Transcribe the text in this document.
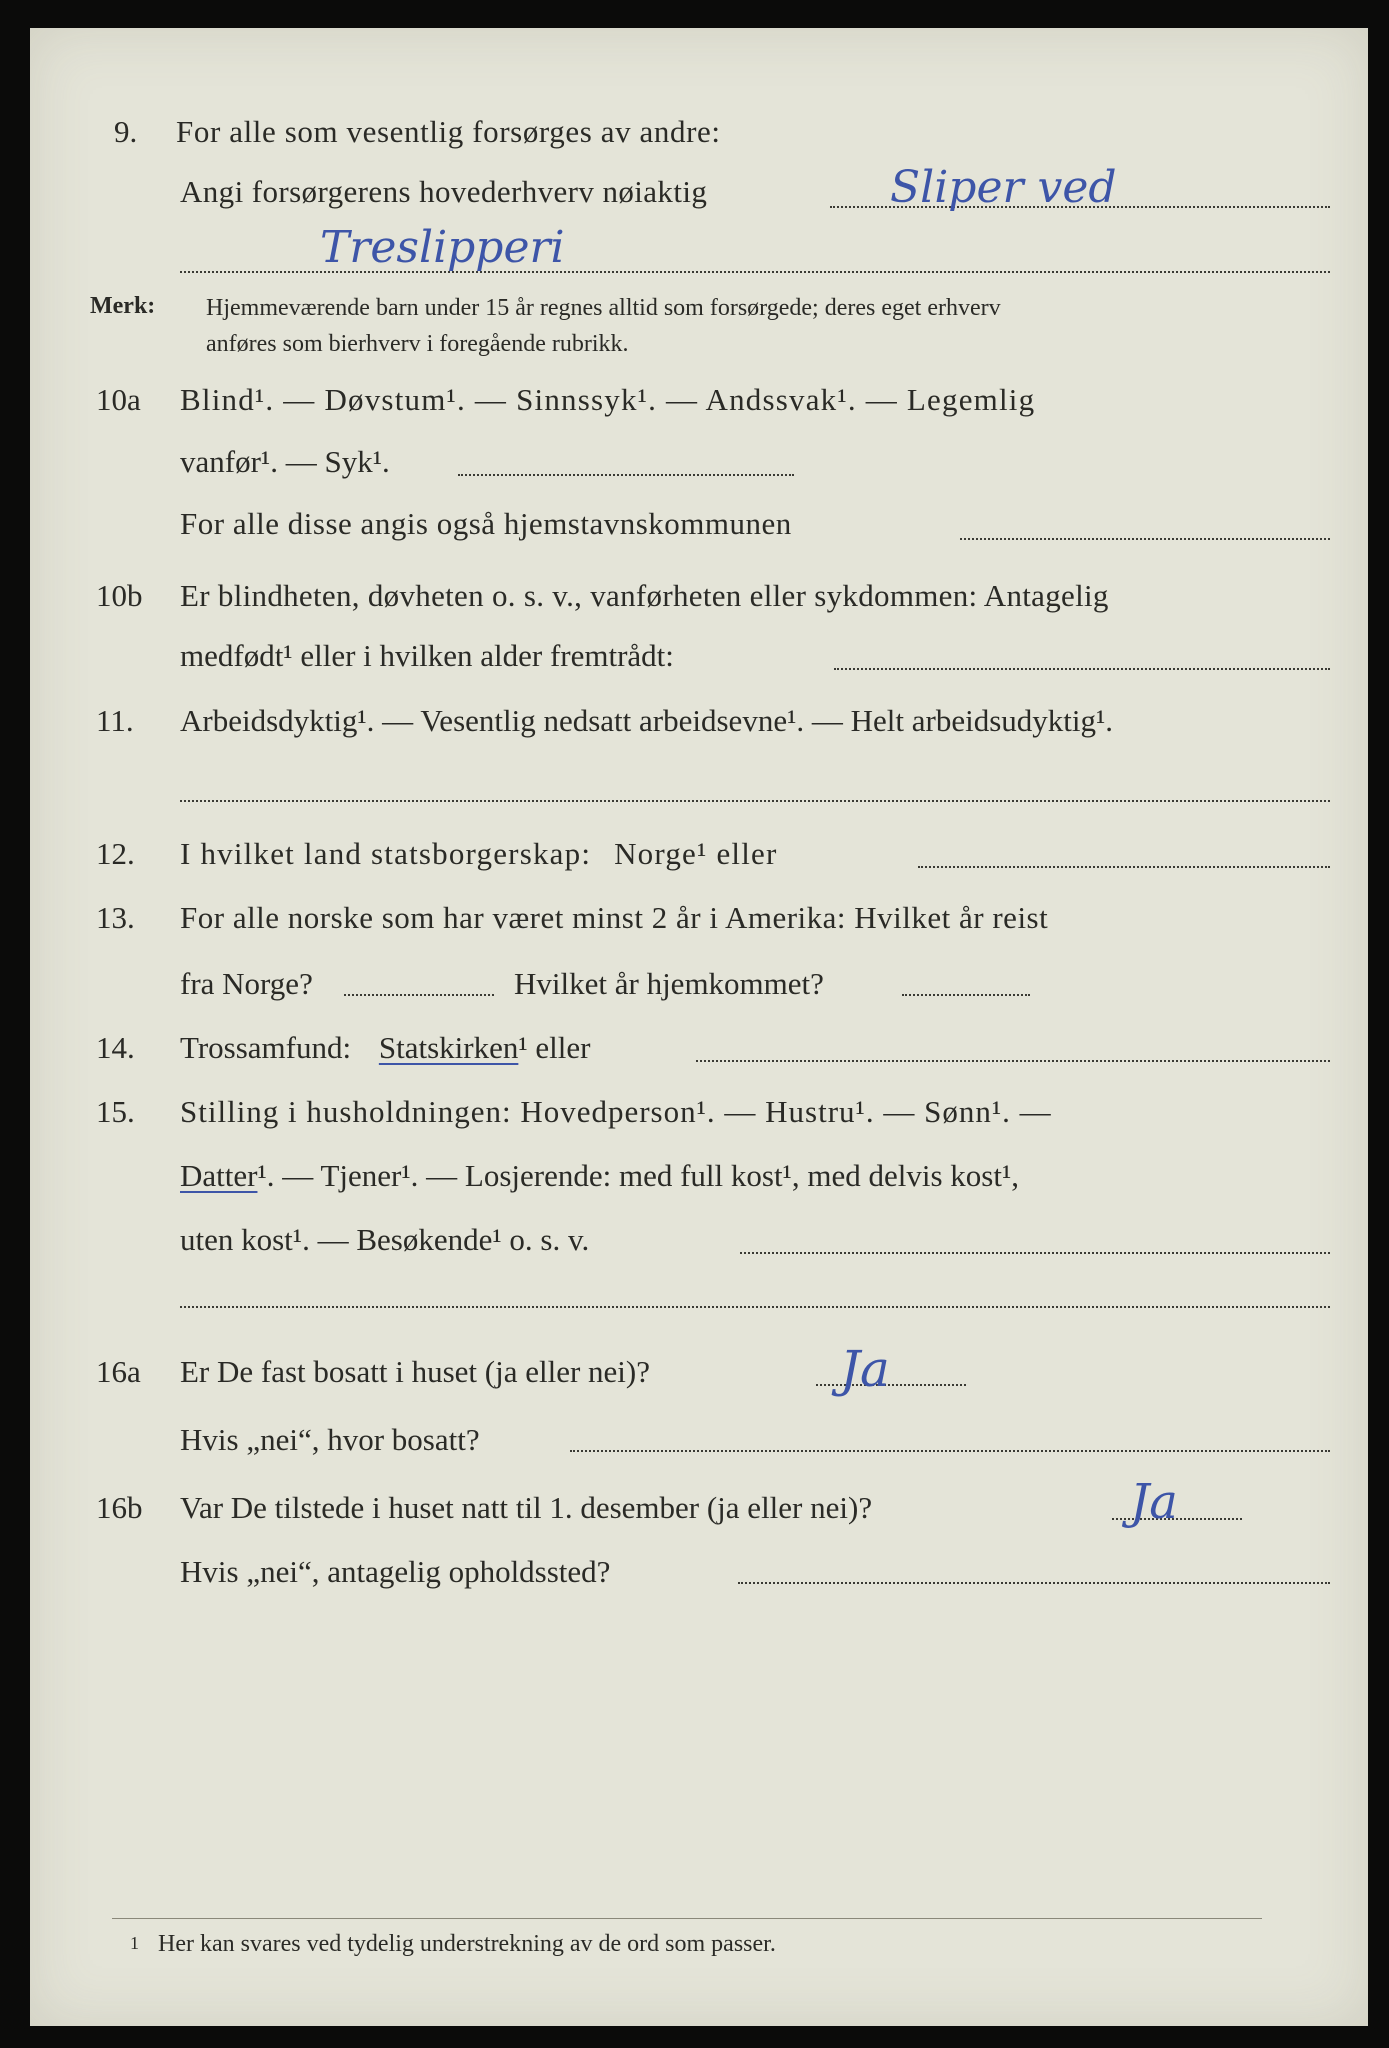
9. For alle som vesentlig forsørges av andre:
Angi forsørgerens hovederhverv nøiaktig	Sliper ved
Treslipperi
Merk: Hjemmeværende barn under 15 år regnes alltid som forsørgede; deres eget erhverv
anføres som bierhverv i foregående rubrikk.
10a Blind¹. — Døvstum¹. — Sinnssyk¹. — Andssvak¹. — Legemlig
vanfør¹. — Syk¹.
For alle disse angis også hjemstavnskommunen
10b Er blindheten, døvheten o. s. v., vanførheten eller sykdommen: Antagelig
medfødt¹ eller i hvilken alder fremtrådt:
11. Arbeidsdyktig¹. — Vesentlig nedsatt arbeidsevne¹. — Helt arbeidsudyktig¹.
12. I hvilket land statsborgerskap: Norge¹ eller
13. For alle norske som har været minst 2 år i Amerika: Hvilket år reist
fra Norge?	Hvilket år hjemkommet?
14. Trossamfund: Statskirken¹ eller
15. Stilling i husholdningen: Hovedperson¹. — Hustru¹. — Sønn¹. —
Datter¹. — Tjener¹. — Losjerende: med full kost¹, med delvis kost¹,
uten kost¹. — Besøkende¹ o. s. v.
16a Er De fast bosatt i huset (ja eller nei)?	Ja
Hvis „nei“, hvor bosatt?
16b Var De tilstede i huset natt til 1. desember (ja eller nei)?	Ja
Hvis „nei“, antagelig opholdssted?
1 Her kan svares ved tydelig understrekning av de ord som passer.
